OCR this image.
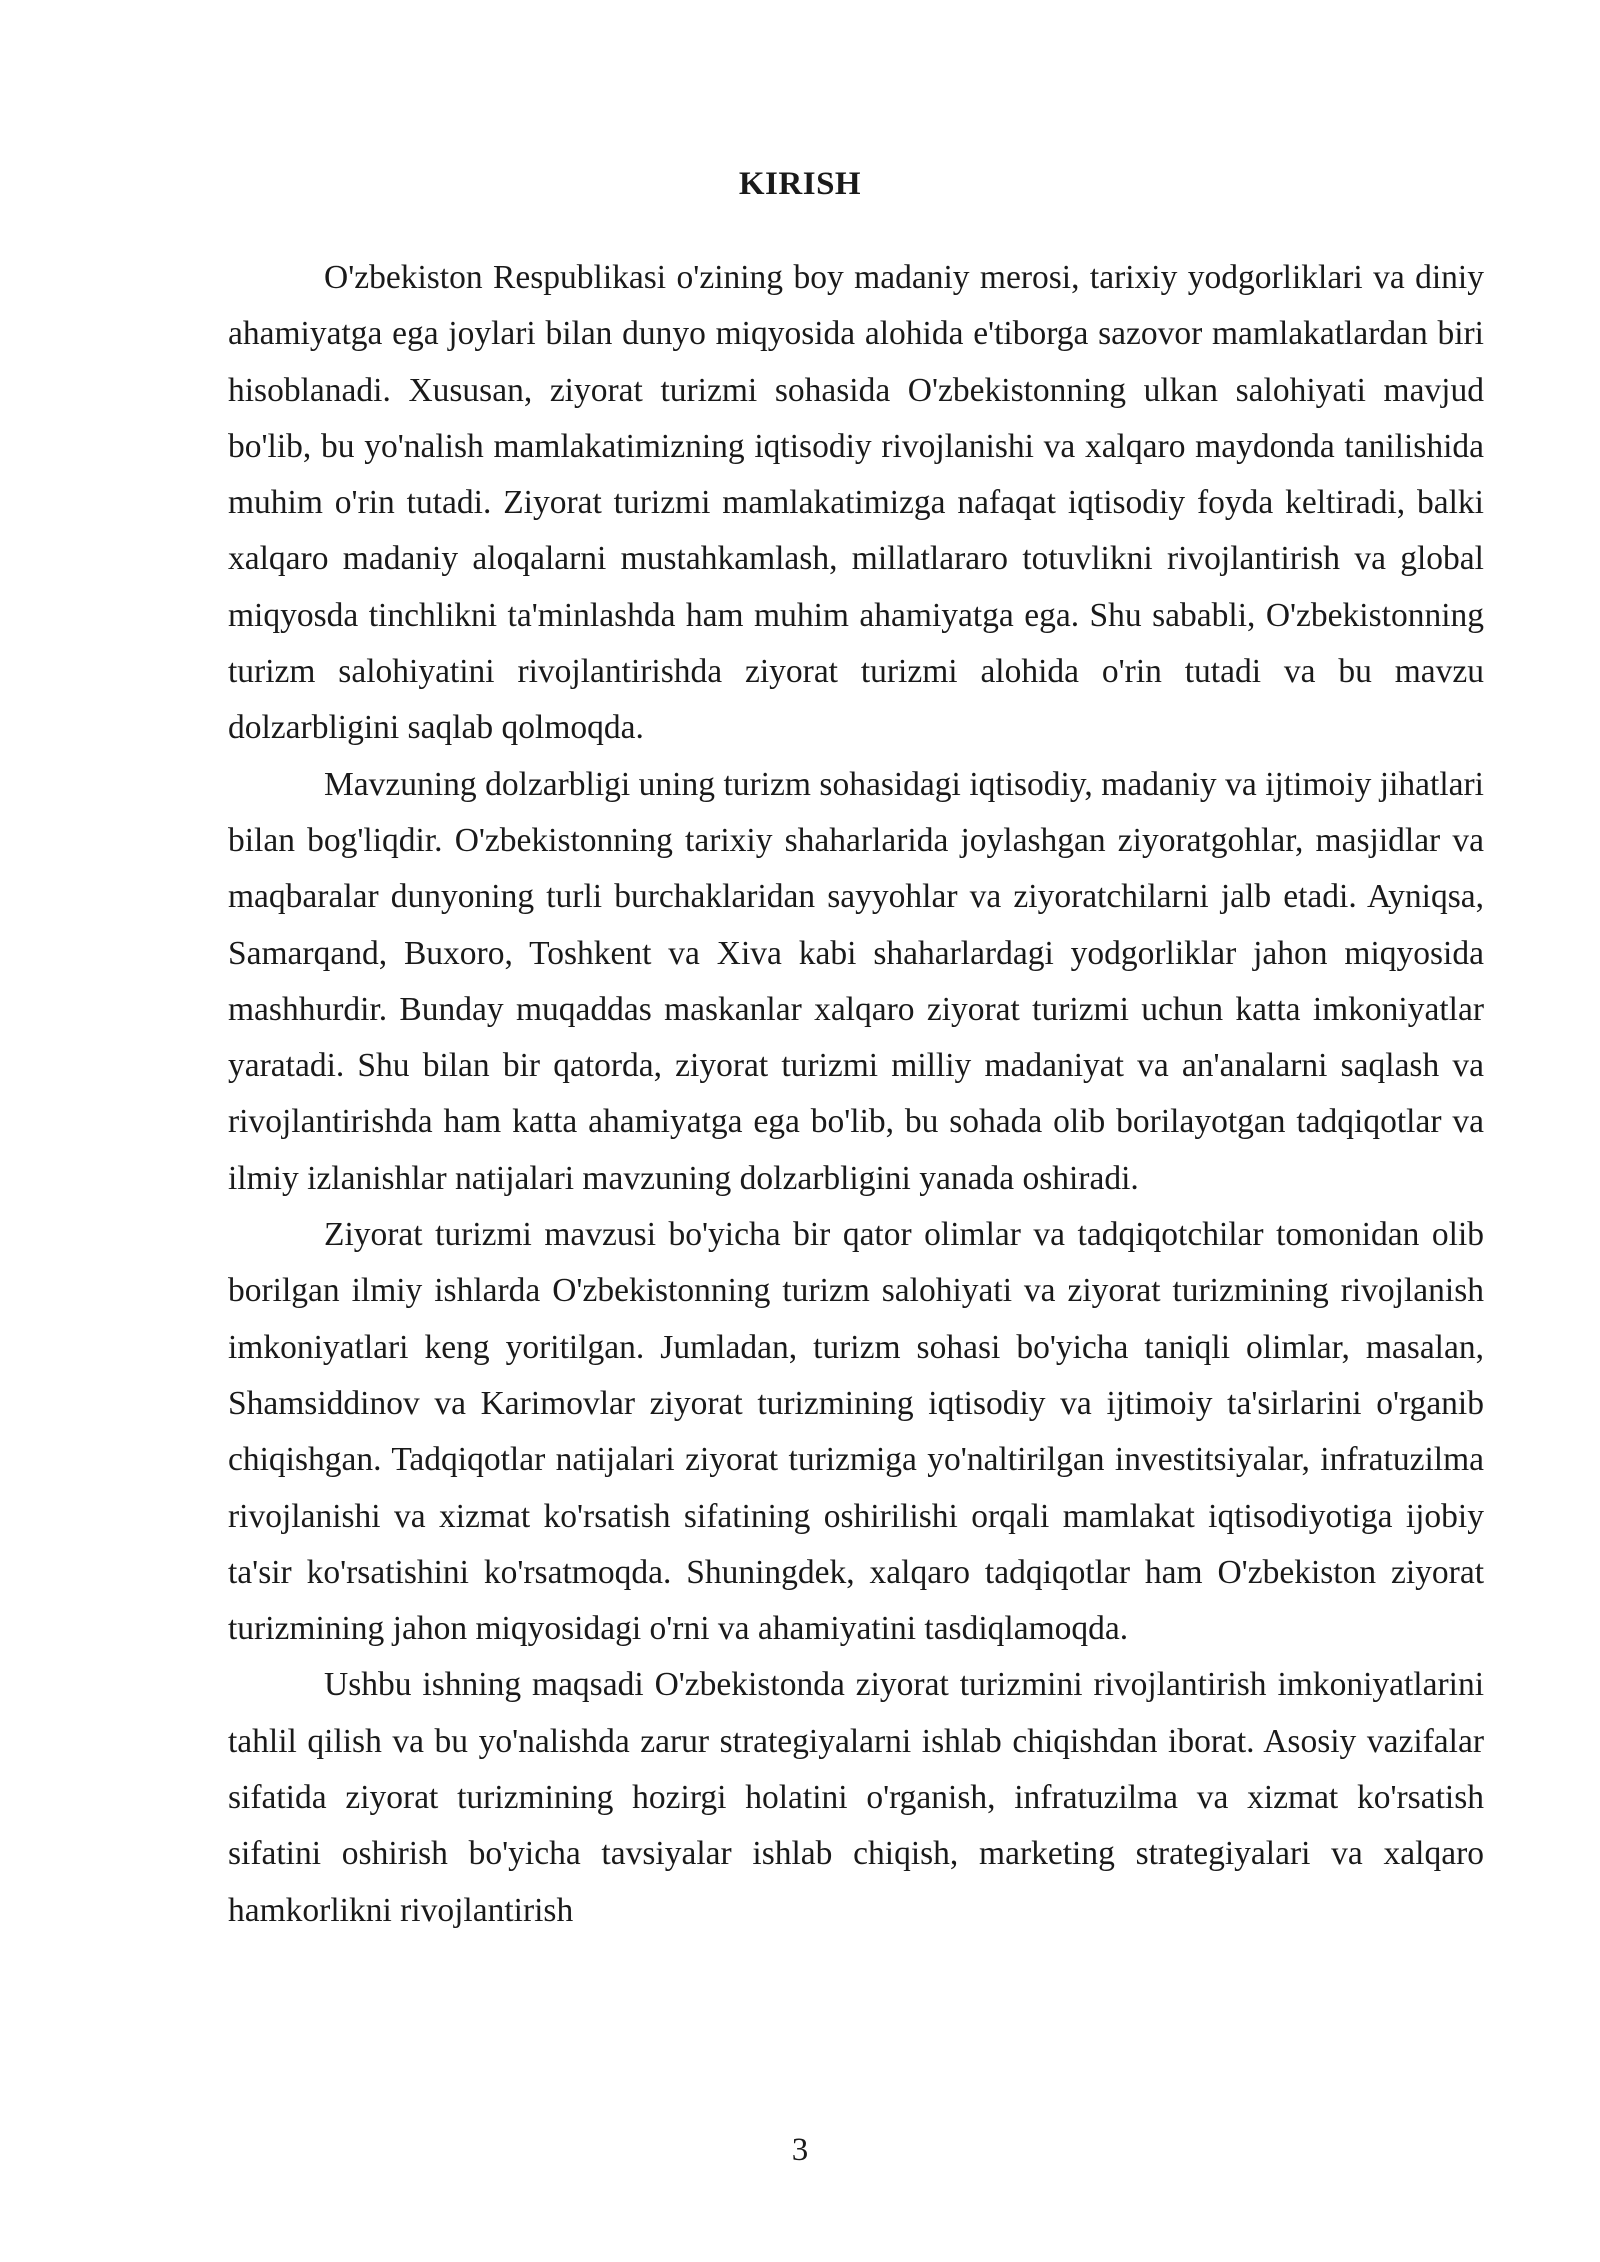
KIRISH

O'zbekiston Respublikasi o'zining boy madaniy merosi, tarixiy yodgorliklari va diniy ahamiyatga ega joylari bilan dunyo miqyosida alohida e'tiborga sazovor mamlakatlardan biri hisoblanadi. Xususan, ziyorat turizmi sohasida O'zbekistonning ulkan salohiyati mavjud bo'lib, bu yo'nalish mamlakatimizning iqtisodiy rivojlanishi va xalqaro maydonda tanilishida muhim o'rin tutadi. Ziyorat turizmi mamlakatimizga nafaqat iqtisodiy foyda keltiradi, balki xalqaro madaniy aloqalarni mustahkamlash, millatlararo totuvlikni rivojlantirish va global miqyosda tinchlikni ta'minlashda ham muhim ahamiyatga ega. Shu sababli, O'zbekistonning turizm salohiyatini rivojlantirishda ziyorat turizmi alohida o'rin tutadi va bu mavzu dolzarbligini saqlab qolmoqda.

Mavzuning dolzarbligi uning turizm sohasidagi iqtisodiy, madaniy va ijtimoiy jihatlari bilan bog'liqdir. O'zbekistonning tarixiy shaharlarida joylashgan ziyoratgohlar, masjidlar va maqbaralar dunyoning turli burchaklaridan sayyohlar va ziyoratchilarni jalb etadi. Ayniqsa, Samarqand, Buxoro, Toshkent va Xiva kabi shaharlardagi yodgorliklar jahon miqyosida mashhurdir. Bunday muqaddas maskanlar xalqaro ziyorat turizmi uchun katta imkoniyatlar yaratadi. Shu bilan bir qatorda, ziyorat turizmi milliy madaniyat va an'analarni saqlash va rivojlantirishda ham katta ahamiyatga ega bo'lib, bu sohada olib borilayotgan tadqiqotlar va ilmiy izlanishlar natijalari mavzuning dolzarbligini yanada oshiradi.

Ziyorat turizmi mavzusi bo'yicha bir qator olimlar va tadqiqotchilar tomonidan olib borilgan ilmiy ishlarda O'zbekistonning turizm salohiyati va ziyorat turizmining rivojlanish imkoniyatlari keng yoritilgan. Jumladan, turizm sohasi bo'yicha taniqli olimlar, masalan, Shamsiddinov va Karimovlar ziyorat turizmining iqtisodiy va ijtimoiy ta'sirlarini o'rganib chiqishgan. Tadqiqotlar natijalari ziyorat turizmiga yo'naltirilgan investitsiyalar, infratuzilma rivojlanishi va xizmat ko'rsatish sifatining oshirilishi orqali mamlakat iqtisodiyotiga ijobiy ta'sir ko'rsatishini ko'rsatmoqda. Shuningdek, xalqaro tadqiqotlar ham O'zbekiston ziyorat turizmining jahon miqyosidagi o'rni va ahamiyatini tasdiqlamoqda.

Ushbu ishning maqsadi O'zbekistonda ziyorat turizmini rivojlantirish imkoniyatlarini tahlil qilish va bu yo'nalishda zarur strategiyalarni ishlab chiqishdan iborat. Asosiy vazifalar sifatida ziyorat turizmining hozirgi holatini o'rganish, infratuzilma va xizmat ko'rsatish sifatini oshirish bo'yicha tavsiyalar ishlab chiqish, marketing strategiyalari va xalqaro hamkorlikni rivojlantirish

3
